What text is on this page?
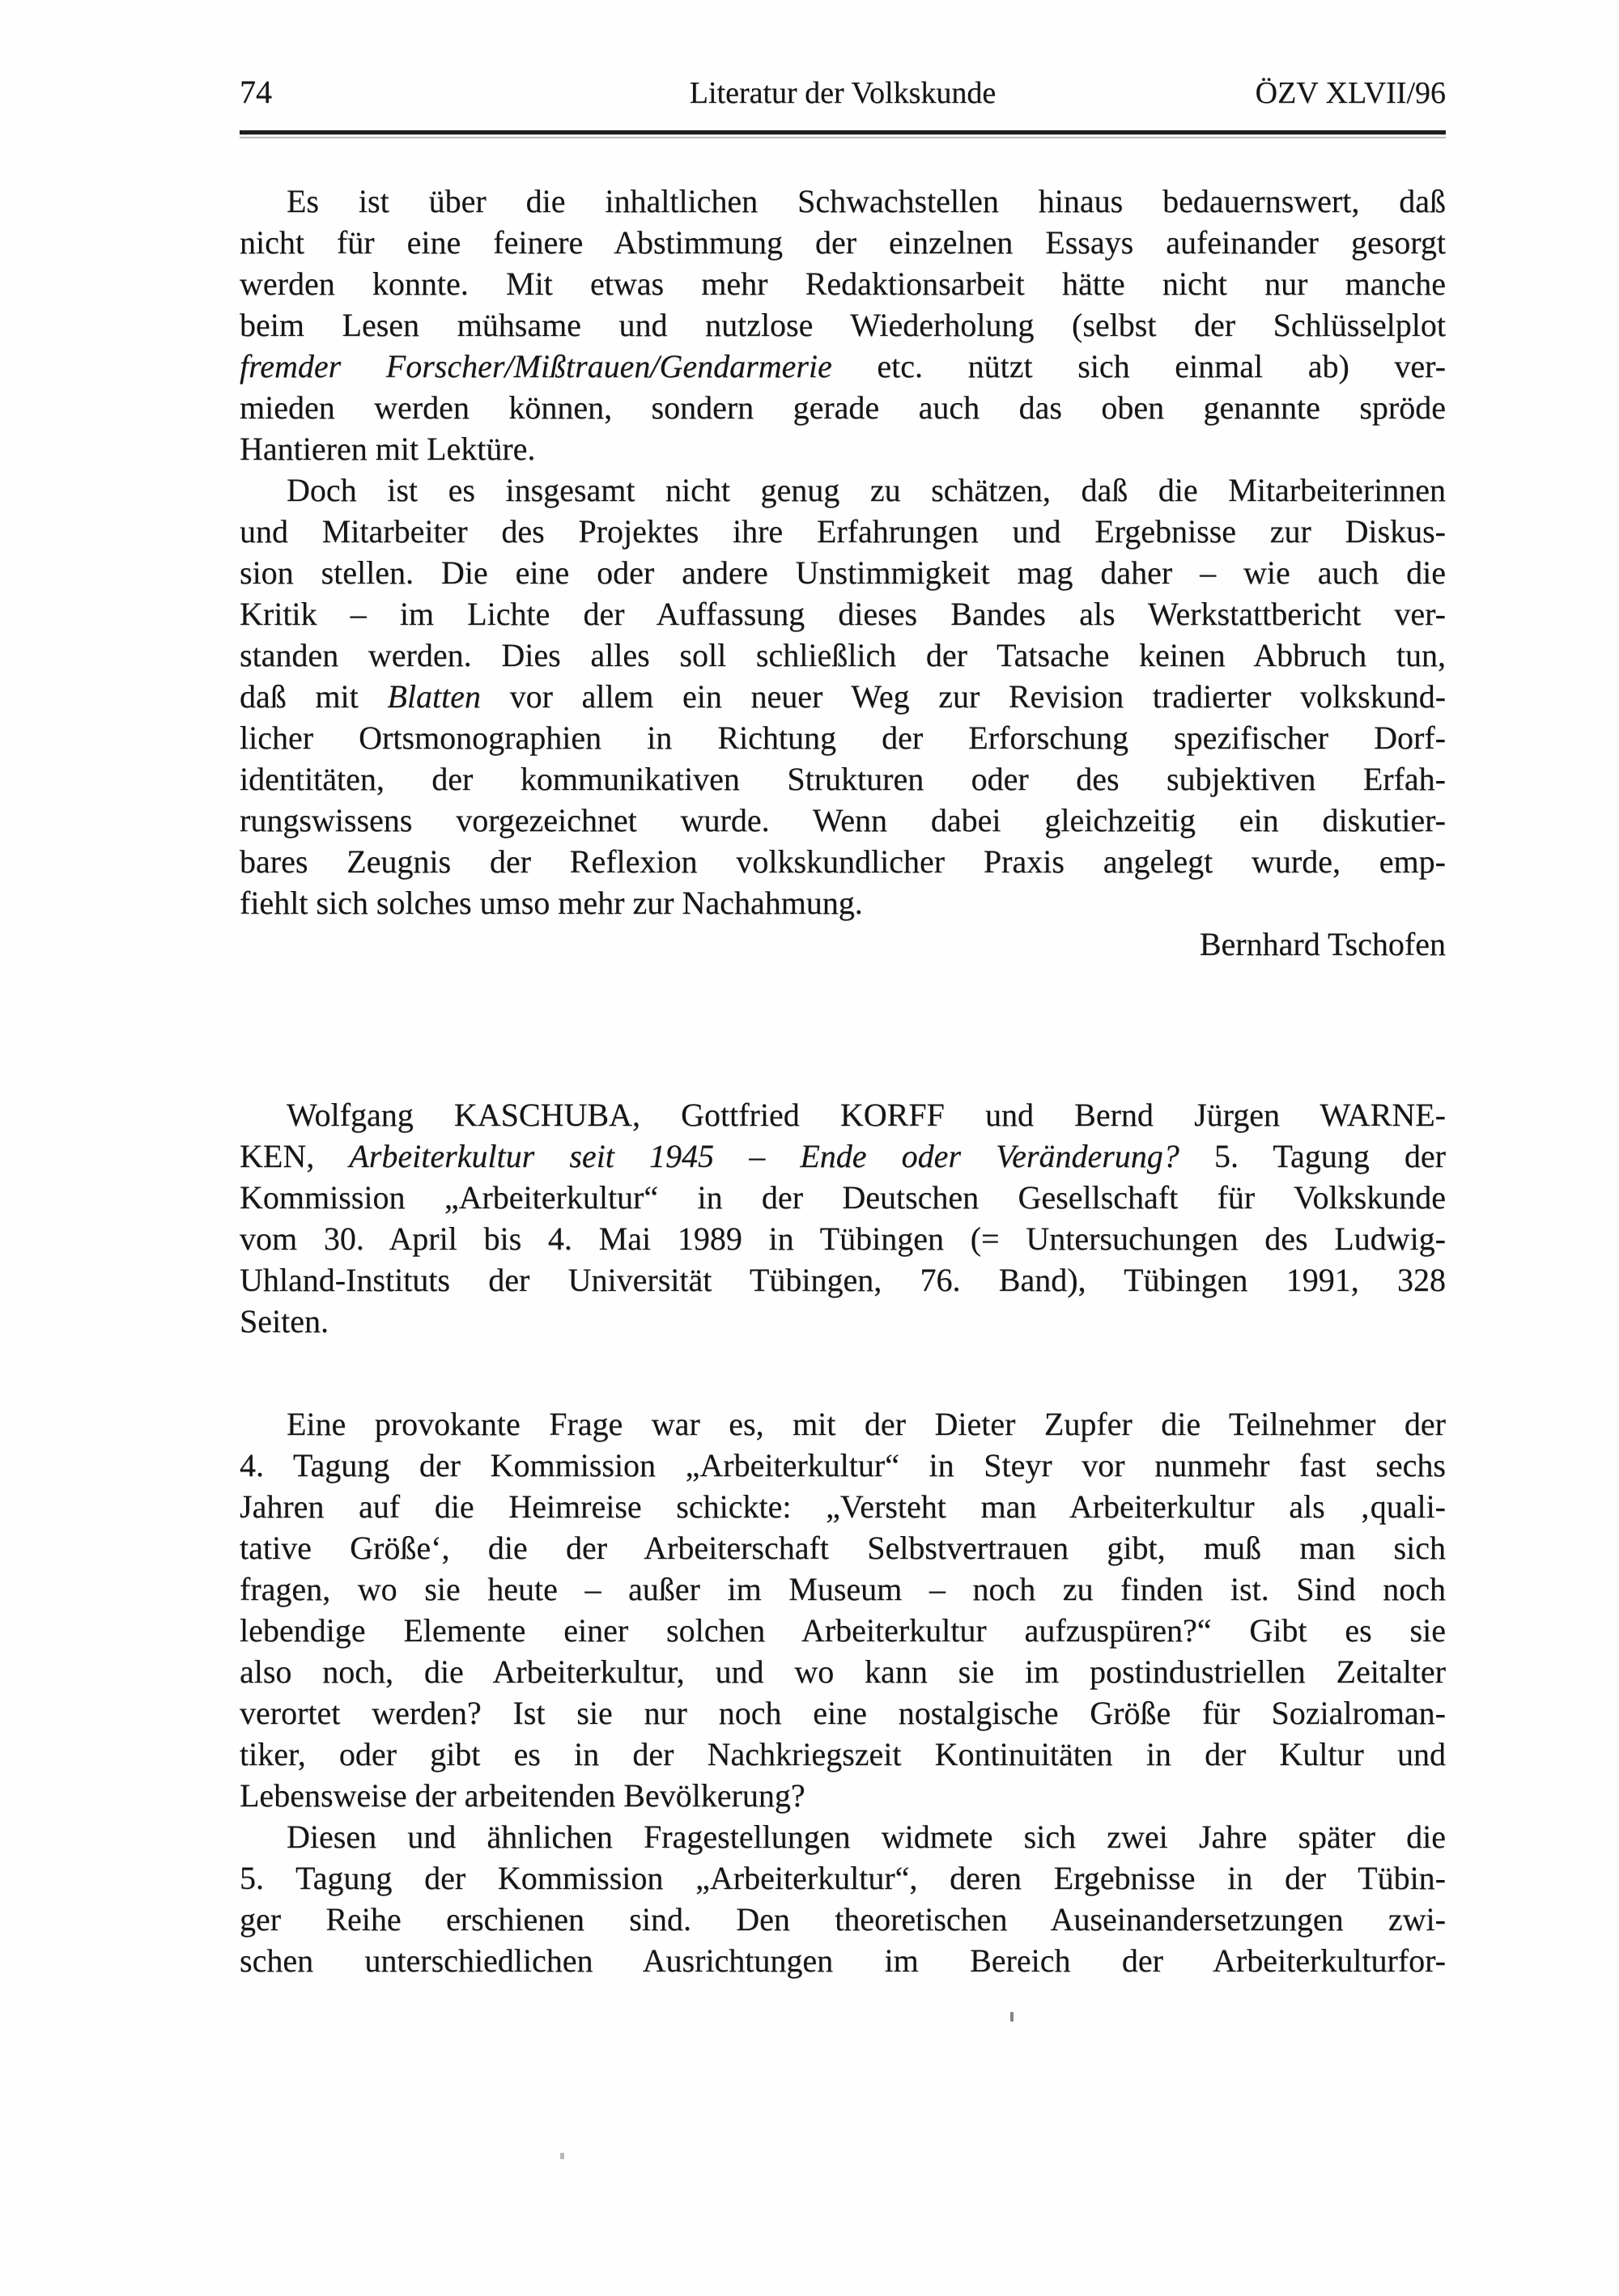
74	Literatur der Volkskunde	ÖZV XLVII/96
Es ist über die inhaltlichen Schwachstellen hinaus bedauernswert, daß
nicht für eine feinere Abstimmung der einzelnen Essays aufeinander gesorgt
werden konnte. Mit etwas mehr Redaktionsarbeit hätte nicht nur manche
beim Lesen mühsame und nutzlose Wiederholung (selbst der Schlüsselplot
fremder Forscher/Mißtrauen/Gendarmerie etc. nützt sich einmal ab) ver-
mieden werden können, sondern gerade auch das oben genannte spröde
Hantieren mit Lektüre.
Doch ist es insgesamt nicht genug zu schätzen, daß die Mitarbeiterinnen
und Mitarbeiter des Projektes ihre Erfahrungen und Ergebnisse zur Diskus-
sion stellen. Die eine oder andere Unstimmigkeit mag daher – wie auch die
Kritik – im Lichte der Auffassung dieses Bandes als Werkstattbericht ver-
standen werden. Dies alles soll schließlich der Tatsache keinen Abbruch tun,
daß mit Blatten vor allem ein neuer Weg zur Revision tradierter volkskund-
licher Ortsmonographien in Richtung der Erforschung spezifischer Dorf-
identitäten, der kommunikativen Strukturen oder des subjektiven Erfah-
rungswissens vorgezeichnet wurde. Wenn dabei gleichzeitig ein diskutier-
bares Zeugnis der Reflexion volkskundlicher Praxis angelegt wurde, emp-
fiehlt sich solches umso mehr zur Nachahmung.
Bernhard Tschofen
Wolfgang KASCHUBA, Gottfried KORFF und Bernd Jürgen WARNE-
KEN, Arbeiterkultur seit 1945 – Ende oder Veränderung? 5. Tagung der
Kommission „Arbeiterkultur“ in der Deutschen Gesellschaft für Volkskunde
vom 30. April bis 4. Mai 1989 in Tübingen (= Untersuchungen des Ludwig-
Uhland-Instituts der Universität Tübingen, 76. Band), Tübingen 1991, 328
Seiten.
Eine provokante Frage war es, mit der Dieter Zupfer die Teilnehmer der
4. Tagung der Kommission „Arbeiterkultur“ in Steyr vor nunmehr fast sechs
Jahren auf die Heimreise schickte: „Versteht man Arbeiterkultur als ‚quali-
tative Größe‘, die der Arbeiterschaft Selbstvertrauen gibt, muß man sich
fragen, wo sie heute – außer im Museum – noch zu finden ist. Sind noch
lebendige Elemente einer solchen Arbeiterkultur aufzuspüren?“ Gibt es sie
also noch, die Arbeiterkultur, und wo kann sie im postindustriellen Zeitalter
verortet werden? Ist sie nur noch eine nostalgische Größe für Sozialroman-
tiker, oder gibt es in der Nachkriegszeit Kontinuitäten in der Kultur und
Lebensweise der arbeitenden Bevölkerung?
Diesen und ähnlichen Fragestellungen widmete sich zwei Jahre später die
5. Tagung der Kommission „Arbeiterkultur“, deren Ergebnisse in der Tübin-
ger Reihe erschienen sind. Den theoretischen Auseinandersetzungen zwi-
schen unterschiedlichen Ausrichtungen im Bereich der Arbeiterkulturfor-
